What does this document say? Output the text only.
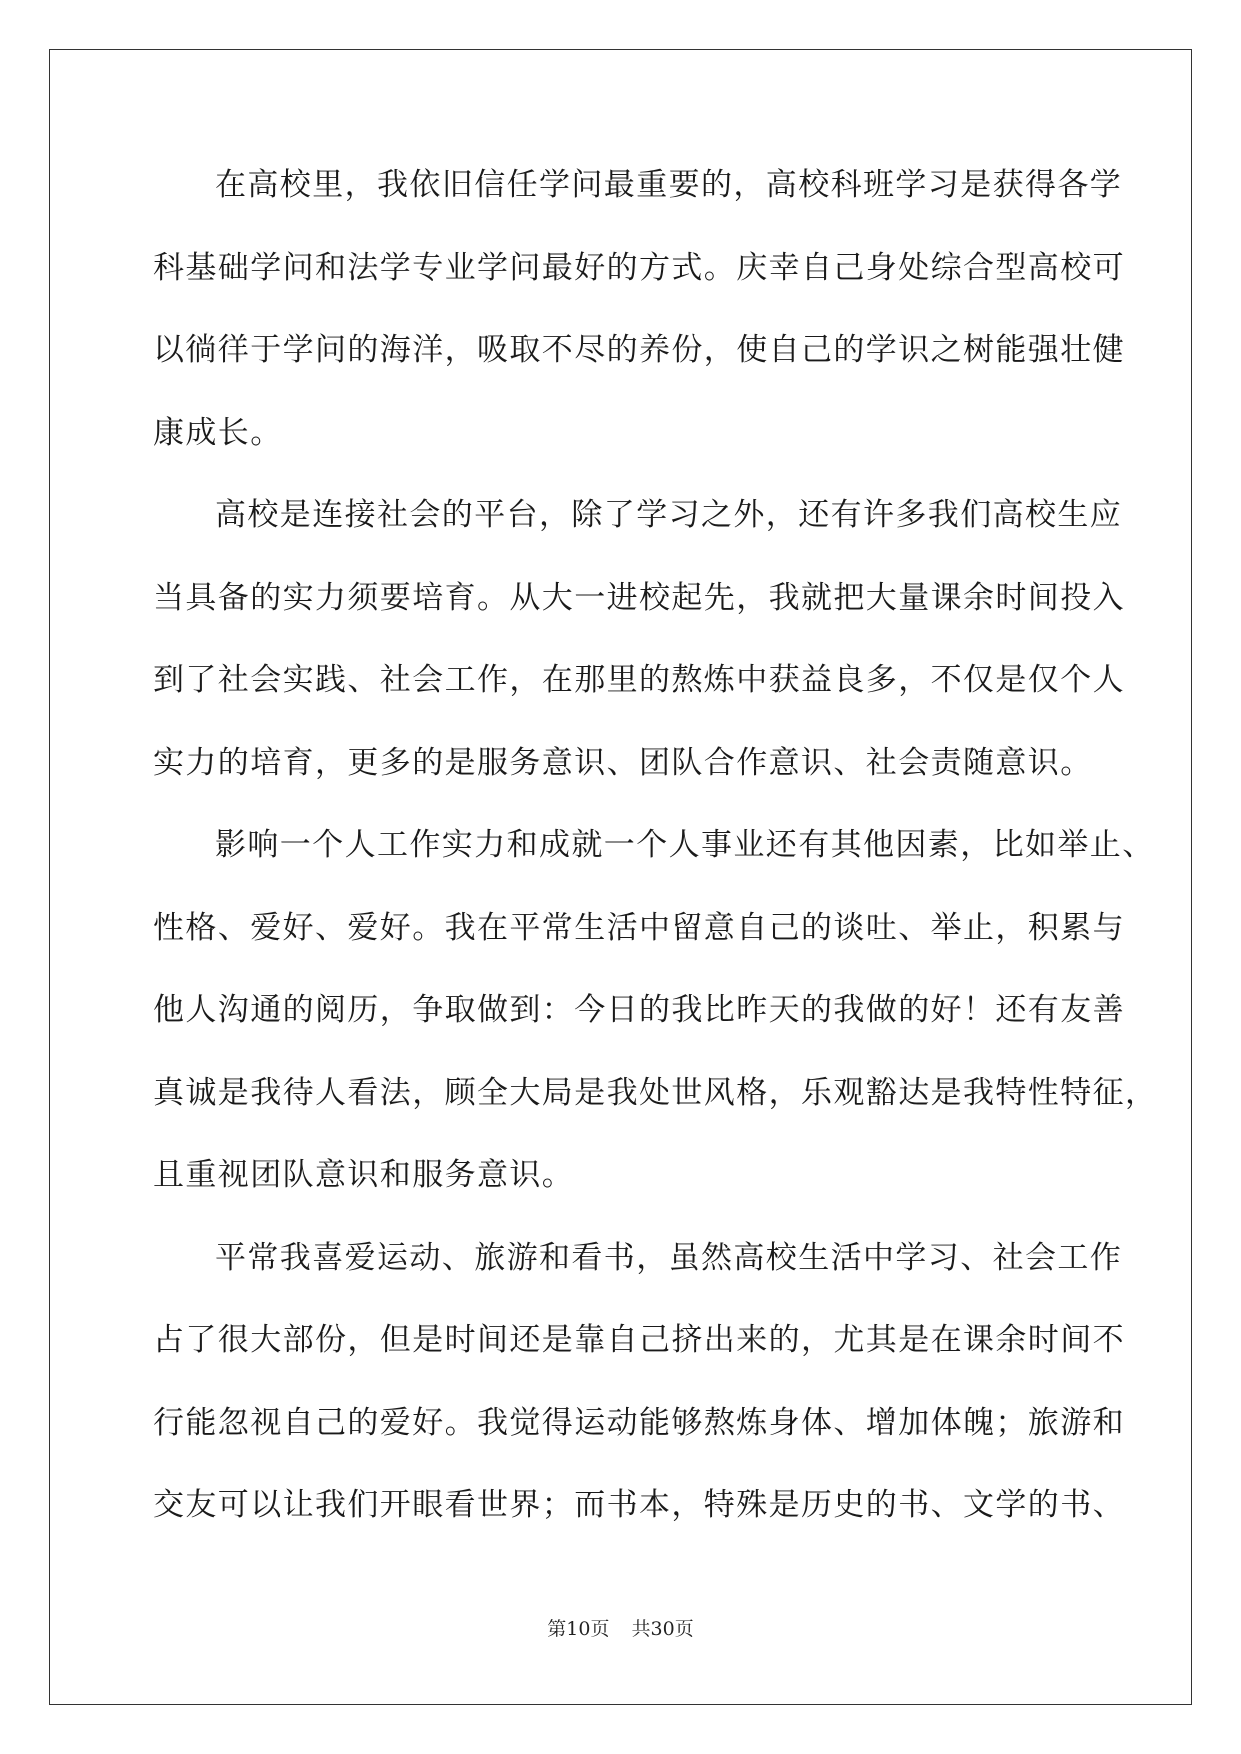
在高校里，我依旧信任学问最重要的，高校科班学习是获得各学
科基础学问和法学专业学问最好的方式。庆幸自己身处综合型高校可
以徜徉于学问的海洋，吸取不尽的养份，使自己的学识之树能强壮健
康成长。

高校是连接社会的平台，除了学习之外，还有许多我们高校生应
当具备的实力须要培育。从大一进校起先，我就把大量课余时间投入
到了社会实践、社会工作，在那里的熬炼中获益良多，不仅是仅个人
实力的培育，更多的是服务意识、团队合作意识、社会责随意识。

影响一个人工作实力和成就一个人事业还有其他因素，比如举止、
性格、爱好、爱好。我在平常生活中留意自己的谈吐、举止，积累与
他人沟通的阅历，争取做到：今日的我比昨天的我做的好！还有友善
真诚是我待人看法，顾全大局是我处世风格，乐观豁达是我特性特征，
且重视团队意识和服务意识。

平常我喜爱运动、旅游和看书，虽然高校生活中学习、社会工作
占了很大部份，但是时间还是靠自己挤出来的，尤其是在课余时间不
行能忽视自己的爱好。我觉得运动能够熬炼身体、增加体魄；旅游和
交友可以让我们开眼看世界；而书本，特殊是历史的书、文学的书、

第10页 共30页
